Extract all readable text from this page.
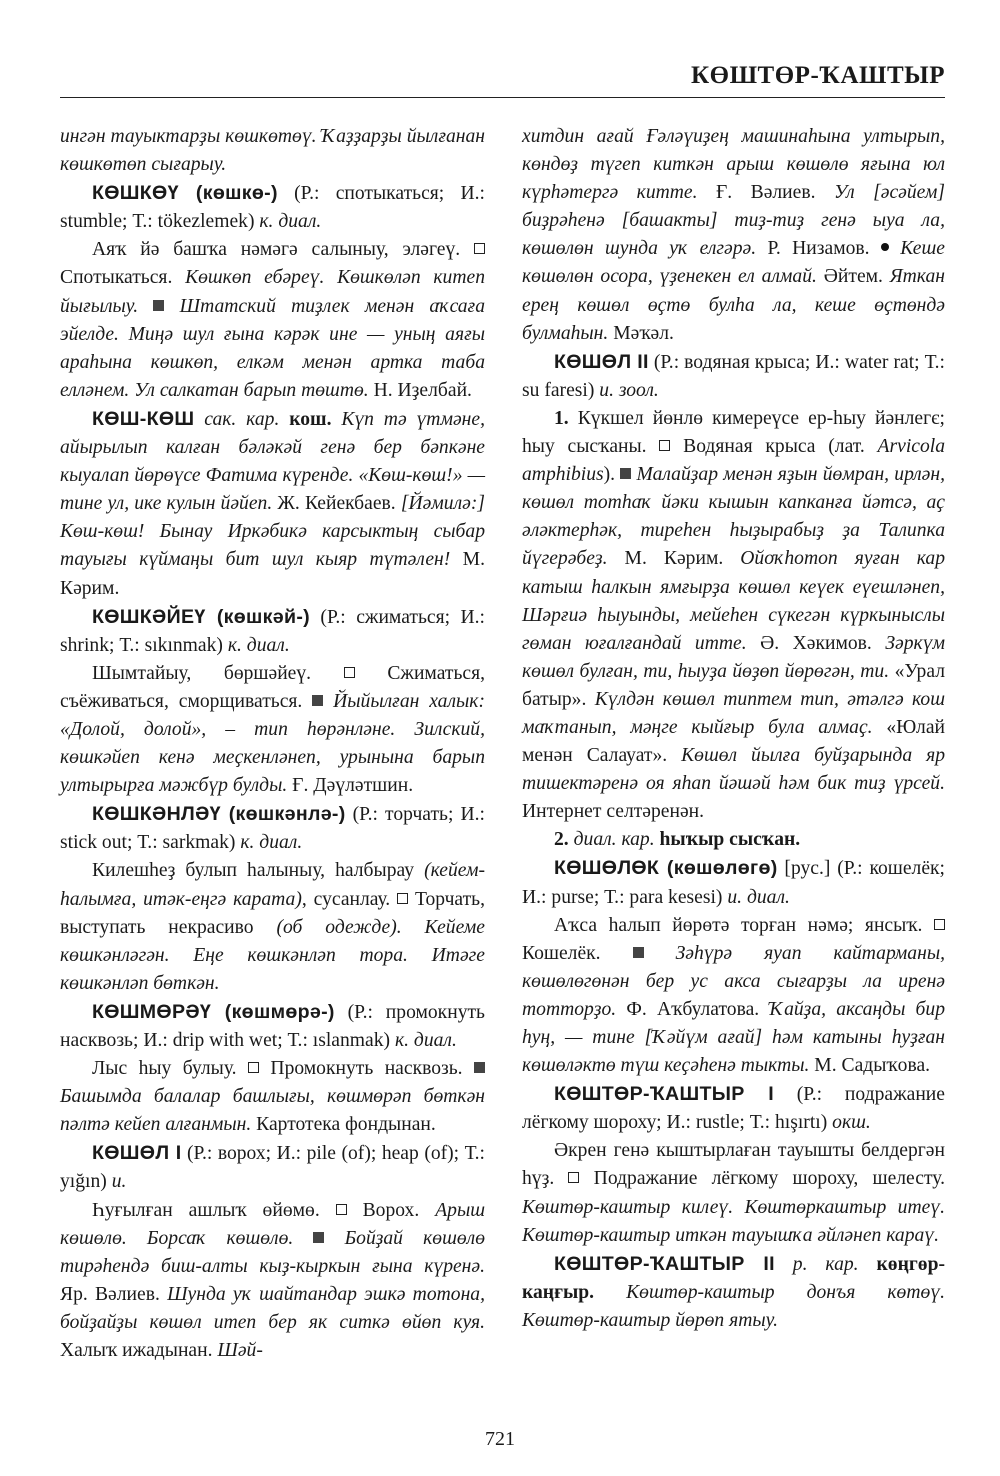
КӨШТӨР-ҠАШТЫР

ингән тауыктарҙы көшкөтөү. Ҡаҙҙарҙы йылғанан көшкөтөп сығарыу.

КӨШКӨҮ (көшкө-) (Р.: спотыкаться; И.: stumble; Т.: tökezlemek) к. диал.

Аяҡ йә башҡа нәмәгә салыныу, эләгеү.  Спотыкаться. Көшкөп ебәреү. Көшкөләп китеп йығылыу. Штатский тиҙлек менән аҡсаға эйелде. Миңә шул ғына кәрәк ине — уның аяғы араһына көшкөп, елкәм менән артка таба елләнем. Ул салкатан барып төштө. Н. Иҙелбай.

КӨШ-КӨШ сак. кар. кош. Күп тә үтмәне, айырылып калған бәләкәй генә бер бәпкәне кыуалап йөрөүсе Фатима күренде. «Көш-көш!» — тине ул, ике кулын йәйеп. Ж. Кейекбаев. [Йәмилә:] Көш-көш! Бынау Иркәбикә карсыктың сыбар тауығы күймаңы бит шул кыяр түтәлен! М. Кәрим.

КӨШКӘЙЕҮ (көшкәй-) (Р.: сжиматься; И.: shrink; Т.: sıkınmak) к. диал.

Шымтайыу, бөршәйеү.  Сжиматься, съёживаться, сморщиваться.  Йыйылған халык: «Долой, долой», – тип һөрәнләне. Зилский, көшкәйеп кенә меҫкенләнеп, урынына барып ултырырға мәжбүр булды. Ғ. Дәүләтшин.

КӨШКӘНЛӘҮ (көшкәнлә-) (Р.: торчать; И.: stick out; Т.: sarkmak) к. диал.

Килешһеҙ булып һалыныу, һалбырау (кейем-һалымға, итәк-еңгә карата), сусанлау.  Торчать, выступать некрасиво (об одежде). Кейеме көшкәнләгән. Еңе көшкәнләп тора. Итәге көшкәнләп бөткән.

КӨШМӨРӘҮ (көшмөрә-) (Р.: промокнуть насквозь; И.: drip with wet; Т.: ıslanmak) к. диал.

Лыс һыу булыу.  Промокнуть насквозь.  Башымда балалар башлығы, көшмөрәп бөткән пәлтә кейеп алғанмын. Картотека фондынан.

КӨШӨЛ I (Р.: ворох; И.: pile (of); heap (of); Т.: yığın) и.

Һуғылған ашлыҡ өйөмө.  Ворох. Арыш көшөлө. Борсаҡ көшөлө.	Бойҙай көшөлө тирәһендә биш-алты кыҙ-кыркын ғына күренә. Яр. Вәлиев. Шунда уҡ шайтандар эшкә тотона, бойҙайҙы көшөл итеп бер як ситкә өйөп куя. Халыҡ ижадынан. Шәй-

хитдин ағай Ғәләүиҙең машинаһына ултырып, көндөҙ түгеп киткән арыш көшөлө яғына юл күрһәтергә китте. Ғ. Вәлиев. Ул [әсәйем] биҙрәһенә [башакты] тиҙ-тиҙ генә ыуа ла, көшөлөн шунда уҡ елгәрә. Р. Низамов.  Кеше көшөлөн осора, үҙенекен ел алмай. Әйтем. Яткан ерең көшөл өҫтө булһа ла, кеше өҫтөндә булмаһын. Мәҡәл.

КӨШӨЛ II (Р.: водяная крыса; И.: water rat; Т.: su faresi) и. зоол.

1. Күкшел йөнлө кимереүсе ер-һыу йәнлегє; һыу сысҡаны.  Водяная крыса (лат. Arvicola amphibius).  Малайҙар менән яҙын йөмран, ирлән, көшөл тотһаҡ йәки кышын капканға йәтсә, аҫ әләктерһәк, тиреһен һыҙырабыҙ ҙа Талипка йүгерәбеҙ. М. Кәрим. Ойоҡhотоп яуған кар катыш һалкын ямғырҙа көшөл кеүек еүешләнеп, Шәрғиә һыуынды, мейеһен сүкегән күркыныслы гөман юғалғандай итте. Ә. Хәкимов. Зәркүм көшөл булған, ти, һыуҙа йөҙөп йөрөгән, ти. «Урал батыр». Күлдән көшөл типтем тип, әтәлгә кош маҡтанып, мәңге кыйғыр була алмаҫ. «Юлай менән Салауат». Көшөл йылға буйҙарында яр тишектәренә оя яһап йәшәй һәм бик тиҙ үрсей. Интернет селтәренән.

2. диал. кар. һыҡыр сысҡан.

КӨШӨЛӨК (көшөлөгө) [рус.] (Р.: кошелёк; И.: purse; Т.: para kesesi) и. диал.

Аҡса һалып йөрөтә торған нәмә; янсыҡ.  Кошелёк.  Зәһүрә яуап кайтарманы, көшөлөгөнән бер ус акса сығарҙы ла иренә тотторҙо. Ф. Аҡбулатова. Ҡайҙа, аксаңды бир һуң, — тине [Ҡәйүм ағай] һәм катыны һуҙған көшөләктө түш кеҫәһенә тыкты. М. Садыҡова.

КӨШТӨР-ҠАШТЫР I (Р.: подражание лёгкому шороху; И.: rustle; Т.: hışırtı) окш.

Әкрен генә кыштырлаған тауышты белдергән һүҙ.  Подражание лёгкому шороху, шелесту. Көштөр-каштыр килеү. Көштөркаштыр итеү. Көштөр-каштыр иткән тауышҡа әйләнеп караү.

КӨШТӨР-ҠАШТЫР II р. кар. көңгөркаңғыр. Көштөр-каштыр донъя көтөү. Көштөр-каштыр йөрөп ятыу.

721
